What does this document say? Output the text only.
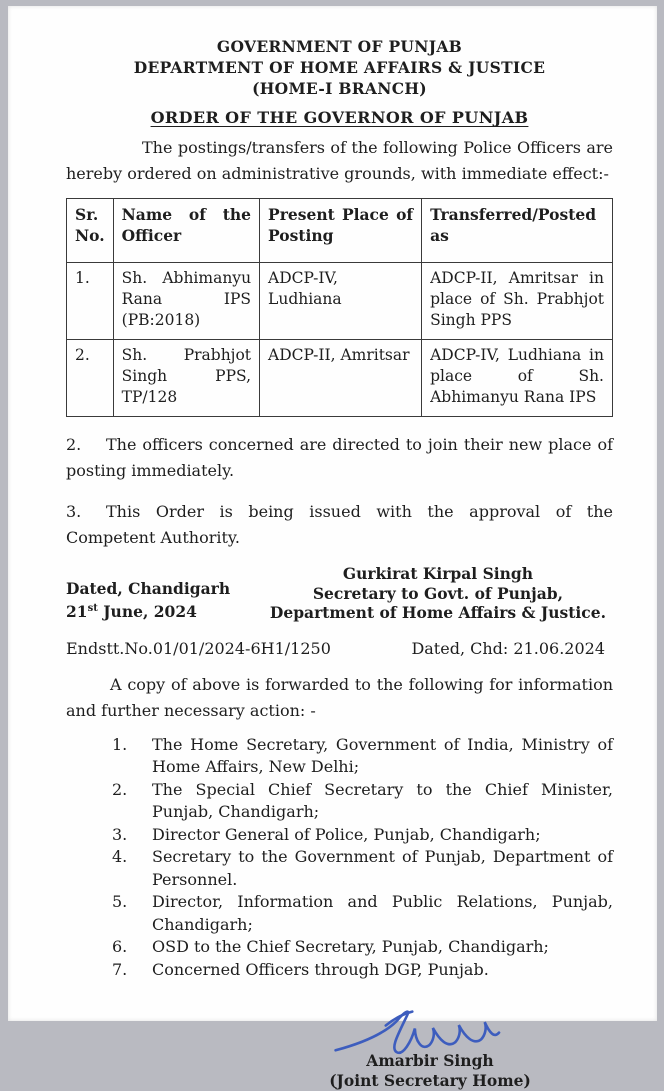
GOVERNMENT OF PUNJAB
DEPARTMENT OF HOME AFFAIRS & JUSTICE
(HOME-I BRANCH)
ORDER OF THE GOVERNOR OF PUNJAB

The postings/transfers of the following Police Officers are hereby ordered on administrative grounds, with immediate effect:-

Sr. No.	Name of the Officer	Present Place of Posting	Transferred/Posted as
1.	Sh. Abhimanyu Rana IPS (PB:2018)	ADCP-IV, Ludhiana	ADCP-II, Amritsar in place of Sh. Prabhjot Singh PPS
2.	Sh. Prabhjot Singh PPS, TP/128	ADCP-II, Amritsar	ADCP-IV, Ludhiana in place of Sh. Abhimanyu Rana IPS

2. The officers concerned are directed to join their new place of posting immediately.

3. This Order is being issued with the approval of the Competent Authority.

Dated, Chandigarh
21st June, 2024
Gurkirat Kirpal Singh
Secretary to Govt. of Punjab,
Department of Home Affairs & Justice.
Endstt.No.01/01/2024-6H1/1250	Dated, Chd: 21.06.2024

A copy of above is forwarded to the following for information and further necessary action: -

1.	The Home Secretary, Government of India, Ministry of Home Affairs, New Delhi;
2.	The Special Chief Secretary to the Chief Minister, Punjab, Chandigarh;
3.	Director General of Police, Punjab, Chandigarh;
4.	Secretary to the Government of Punjab, Department of Personnel.
5.	Director, Information and Public Relations, Punjab, Chandigarh;
6.	OSD to the Chief Secretary, Punjab, Chandigarh;
7.	Concerned Officers through DGP, Punjab.
Amarbir Singh
(Joint Secretary Home)
